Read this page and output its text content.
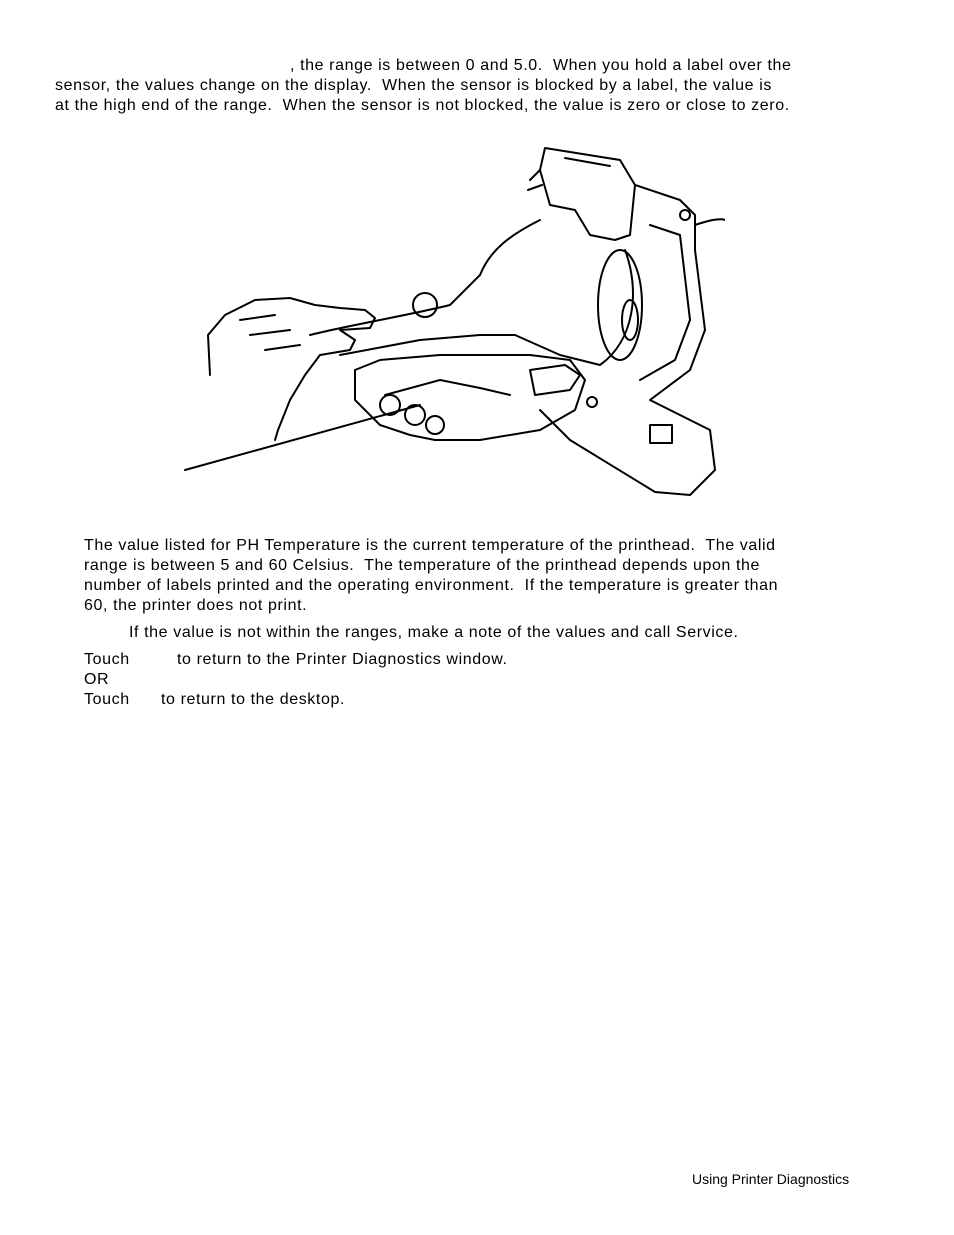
, the range is between 0 and 5.0.  When you hold a label over the
sensor, the values change on the display.  When the sensor is blocked by a label, the value is
at the high end of the range.  When the sensor is not blocked, the value is zero or close to zero.
The value listed for PH Temperature is the current temperature of the printhead.  The valid
range is between 5 and 60 Celsius.  The temperature of the printhead depends upon the
number of labels printed and the operating environment.  If the temperature is greater than
60, the printer does not print.
If the value is not within the ranges, make a note of the values and call Service.
Touch	to return to the Printer Diagnostics window.
OR
Touch to return to the desktop.
Using Printer Diagnostics
